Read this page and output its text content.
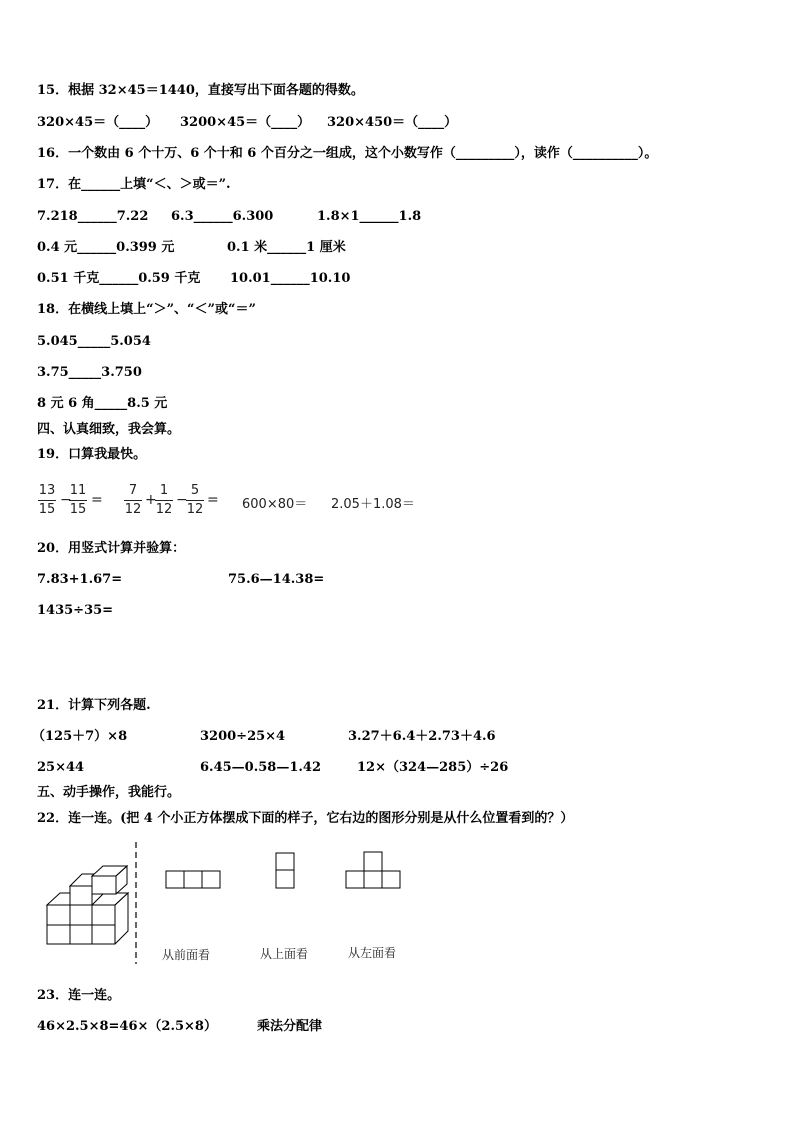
15．根据 32×45＝1440，直接写出下面各题的得数。
320×45＝（____） 3200×45＝（____） 320×450＝（____）
16．一个数由 6 个十万、6 个十和 6 个百分之一组成，这个小数写作（_________），读作（__________）。
17．在______上填“＜、＞或＝”.
7.218______7.22 6.3______6.300	1.8×1______1.8
0.4 元______0.399 元	0.1 米______1 厘米
0.51 千克______0.59 千克 10.01______10.10
18．在横线上填上“＞”、“＜”或“＝”
5.045_____5.054
3.75_____3.750
8 元 6 角_____8.5 元
四、认真细致，我会算。
19．口算我最快。
13
15
−
11
15
=
7
12
+
1
12
−
5
12
= 600×80＝ 2.05＋1.08＝
20．用竖式计算并验算：
7.83+1.67=	75.6—14.38=
1435÷35=
21．计算下列各题.
（125＋7）×8	3200÷25×4	3.27＋6.4＋2.73＋4.6
25×44	6.45—0.58—1.42	12×（324—285）÷26
五、动手操作，我能行。
22．连一连。(把 4 个小正方体摆成下面的样子，它右边的图形分别是从什么位置看到的？）
从前面看	从上面看	从左面看
23．连一连。
46×2.5×8=46×（2.5×8）	乘法分配律
